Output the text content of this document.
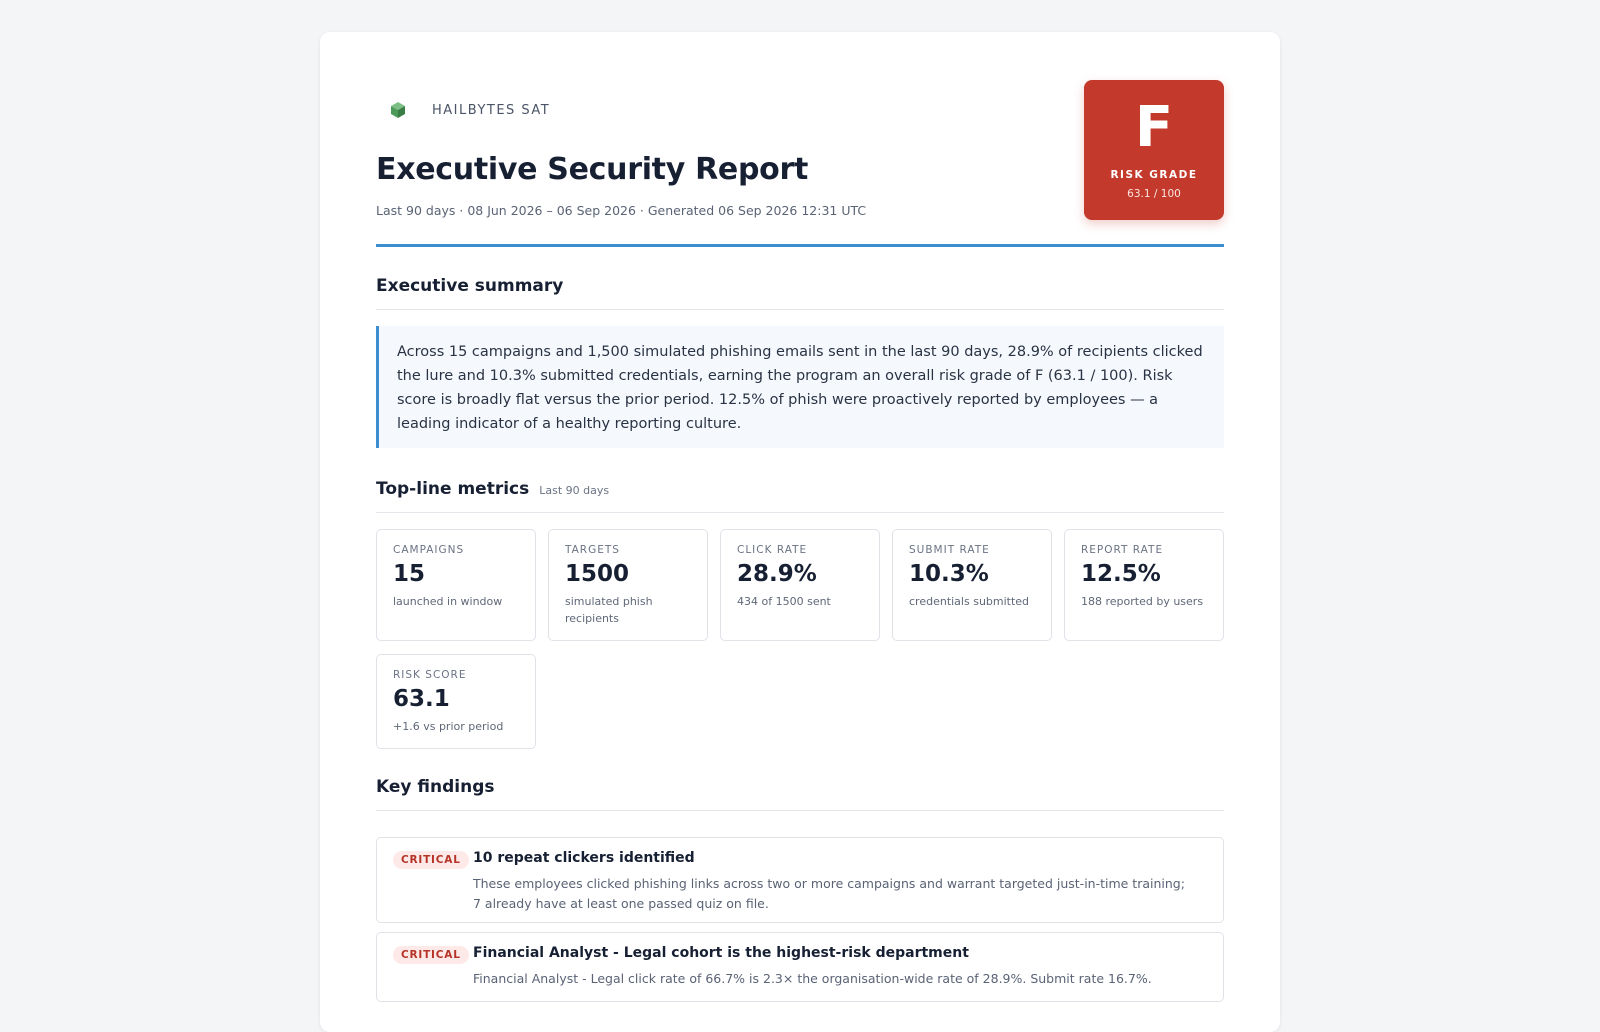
HAILBYTES SAT
Executive Security Report
Last 90 days · 08 Jun 2026 – 06 Sep 2026 · Generated 06 Sep 2026 12:31 UTC
F
RISK GRADE
63.1 / 100
Executive summary
Across 15 campaigns and 1,500 simulated phishing emails sent in the last 90 days, 28.9% of recipients clicked the lure and 10.3% submitted credentials, earning the program an overall risk grade of F (63.1 / 100). Risk score is broadly flat versus the prior period. 12.5% of phish were proactively reported by employees — a leading indicator of a healthy reporting culture.
Top-line metrics Last 90 days
CAMPAIGNS
15
launched in window
TARGETS
1500
simulated phish recipients
CLICK RATE
28.9%
434 of 1500 sent
SUBMIT RATE
10.3%
credentials submitted
REPORT RATE
12.5%
188 reported by users
RISK SCORE
63.1
+1.6 vs prior period
Key findings
CRITICAL 10 repeat clickers identified
These employees clicked phishing links across two or more campaigns and warrant targeted just-in-time training; 7 already have at least one passed quiz on file.
CRITICAL Financial Analyst - Legal cohort is the highest-risk department
Financial Analyst - Legal click rate of 66.7% is 2.3× the organisation-wide rate of 28.9%. Submit rate 16.7%.
